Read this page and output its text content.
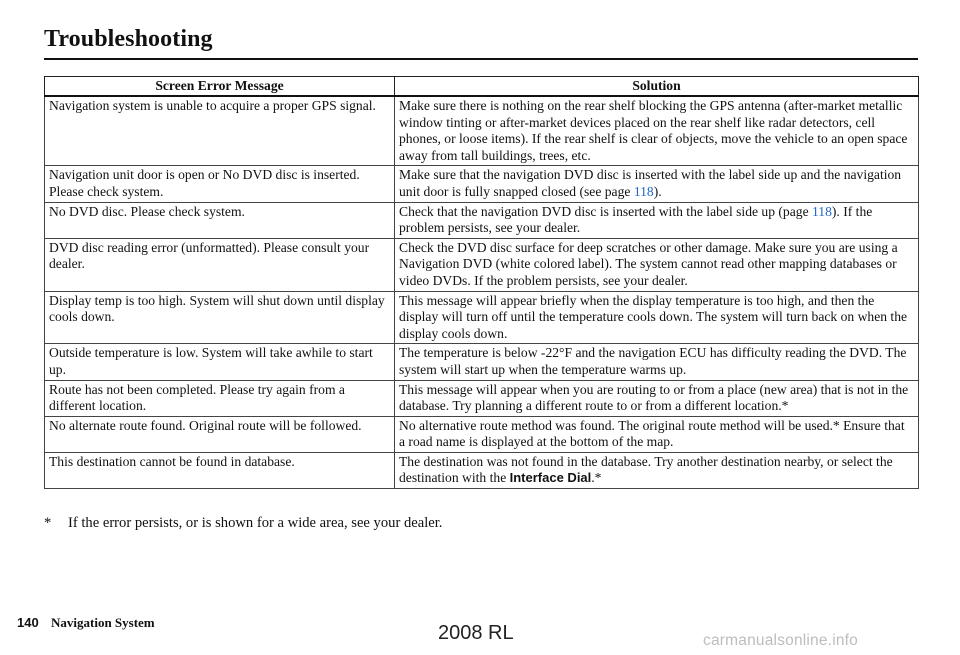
Troubleshooting
Screen Error Message	Solution
Navigation system is unable to acquire a proper GPS signal.	Make sure there is nothing on the rear shelf blocking the GPS antenna (after-market metallic window tinting or after-market devices placed on the rear shelf like radar detectors, cell phones, or loose items). If the rear shelf is clear of objects, move the vehicle to an open space away from tall buildings, trees, etc.
Navigation unit door is open or No DVD disc is inserted. Please check system.	Make sure that the navigation DVD disc is inserted with the label side up and the navigation unit door is fully snapped closed (see page 118).
No DVD disc. Please check system.	Check that the navigation DVD disc is inserted with the label side up (page 118). If the problem persists, see your dealer.
DVD disc reading error (unformatted). Please consult your dealer.	Check the DVD disc surface for deep scratches or other damage. Make sure you are using a Navigation DVD (white colored label). The system cannot read other mapping databases or video DVDs. If the problem persists, see your dealer.
Display temp is too high. System will shut down until display cools down.	This message will appear briefly when the display temperature is too high, and then the display will turn off until the temperature cools down. The system will turn back on when the display cools down.
Outside temperature is low. System will take awhile to start up.	The temperature is below -22°F and the navigation ECU has difficulty reading the DVD. The system will start up when the temperature warms up.
Route has not been completed. Please try again from a different location.	This message will appear when you are routing to or from a place (new area) that is not in the database. Try planning a different route to or from a different location.*
No alternate route found. Original route will be followed.	No alternative route method was found. The original route method will be used.* Ensure that a road name is displayed at the bottom of the map.
This destination cannot be found in database.	The destination was not found in the database. Try another destination nearby, or select the destination with the Interface Dial.*
* If the error persists, or is shown for a wide area, see your dealer.
140 Navigation System	2008 RL	carmanualsonline.info
